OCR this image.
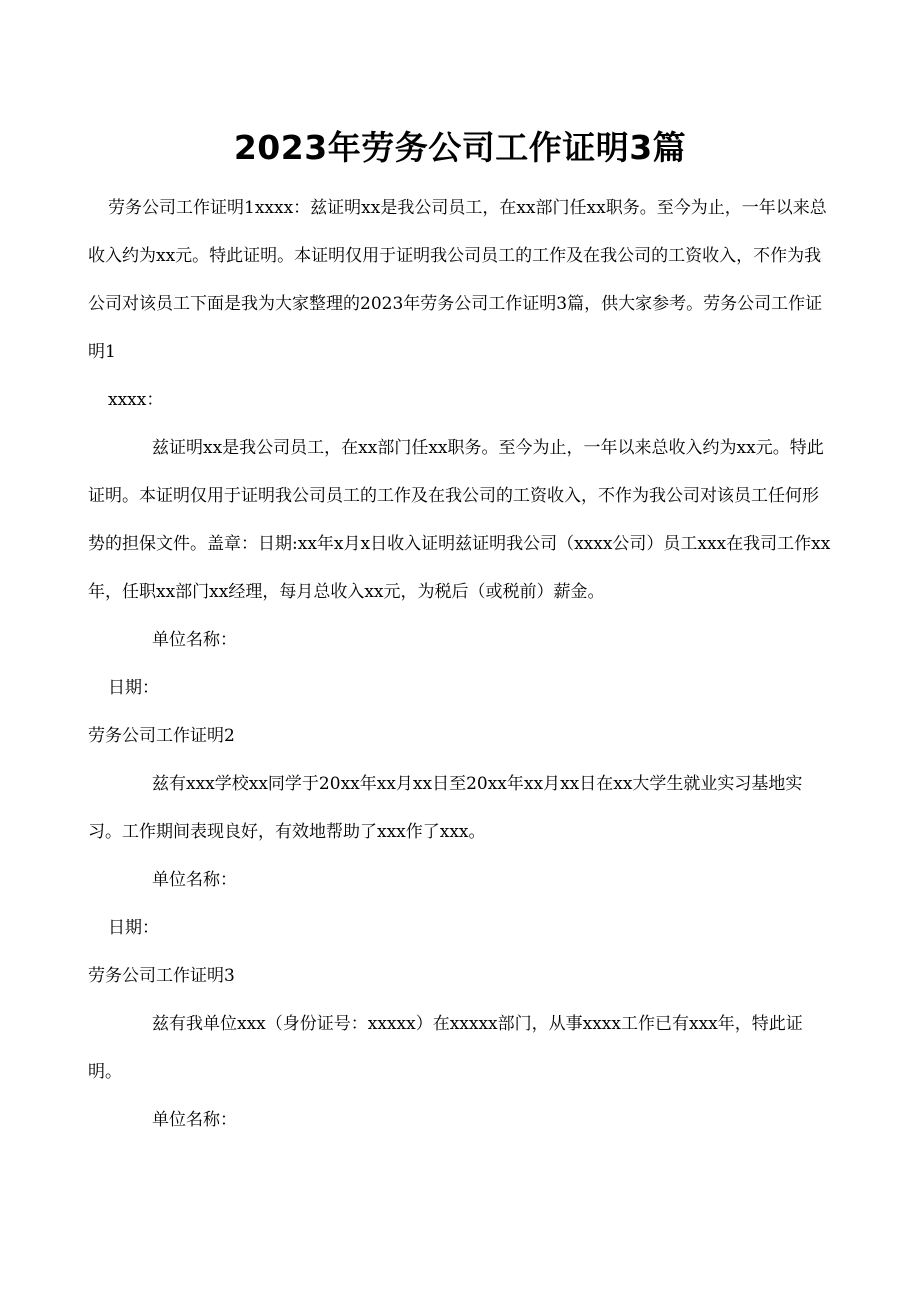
2023年劳务公司工作证明3篇

劳务公司工作证明1xxxx：兹证明xx是我公司员工，在xx部门任xx职务。至今为止，一年以来总收入约为xx元。特此证明。本证明仅用于证明我公司员工的工作及在我公司的工资收入，不作为我公司对该员工下面是我为大家整理的2023年劳务公司工作证明3篇，供大家参考。劳务公司工作证明1

xxxx：

兹证明xx是我公司员工，在xx部门任xx职务。至今为止，一年以来总收入约为xx元。特此证明。本证明仅用于证明我公司员工的工作及在我公司的工资收入，不作为我公司对该员工任何形势的担保文件。盖章：日期:xx年x月x日收入证明兹证明我公司（xxxx公司）员工xxx在我司工作xx年，任职xx部门xx经理，每月总收入xx元，为税后（或税前）薪金。

单位名称：

日期：

劳务公司工作证明2

兹有xxx学校xx同学于20xx年xx月xx日至20xx年xx月xx日在xx大学生就业实习基地实习。工作期间表现良好，有效地帮助了xxx作了xxx。

单位名称：

日期：

劳务公司工作证明3

兹有我单位xxx（身份证号：xxxxx）在xxxxx部门，从事xxxx工作已有xxx年，特此证明。

单位名称：
